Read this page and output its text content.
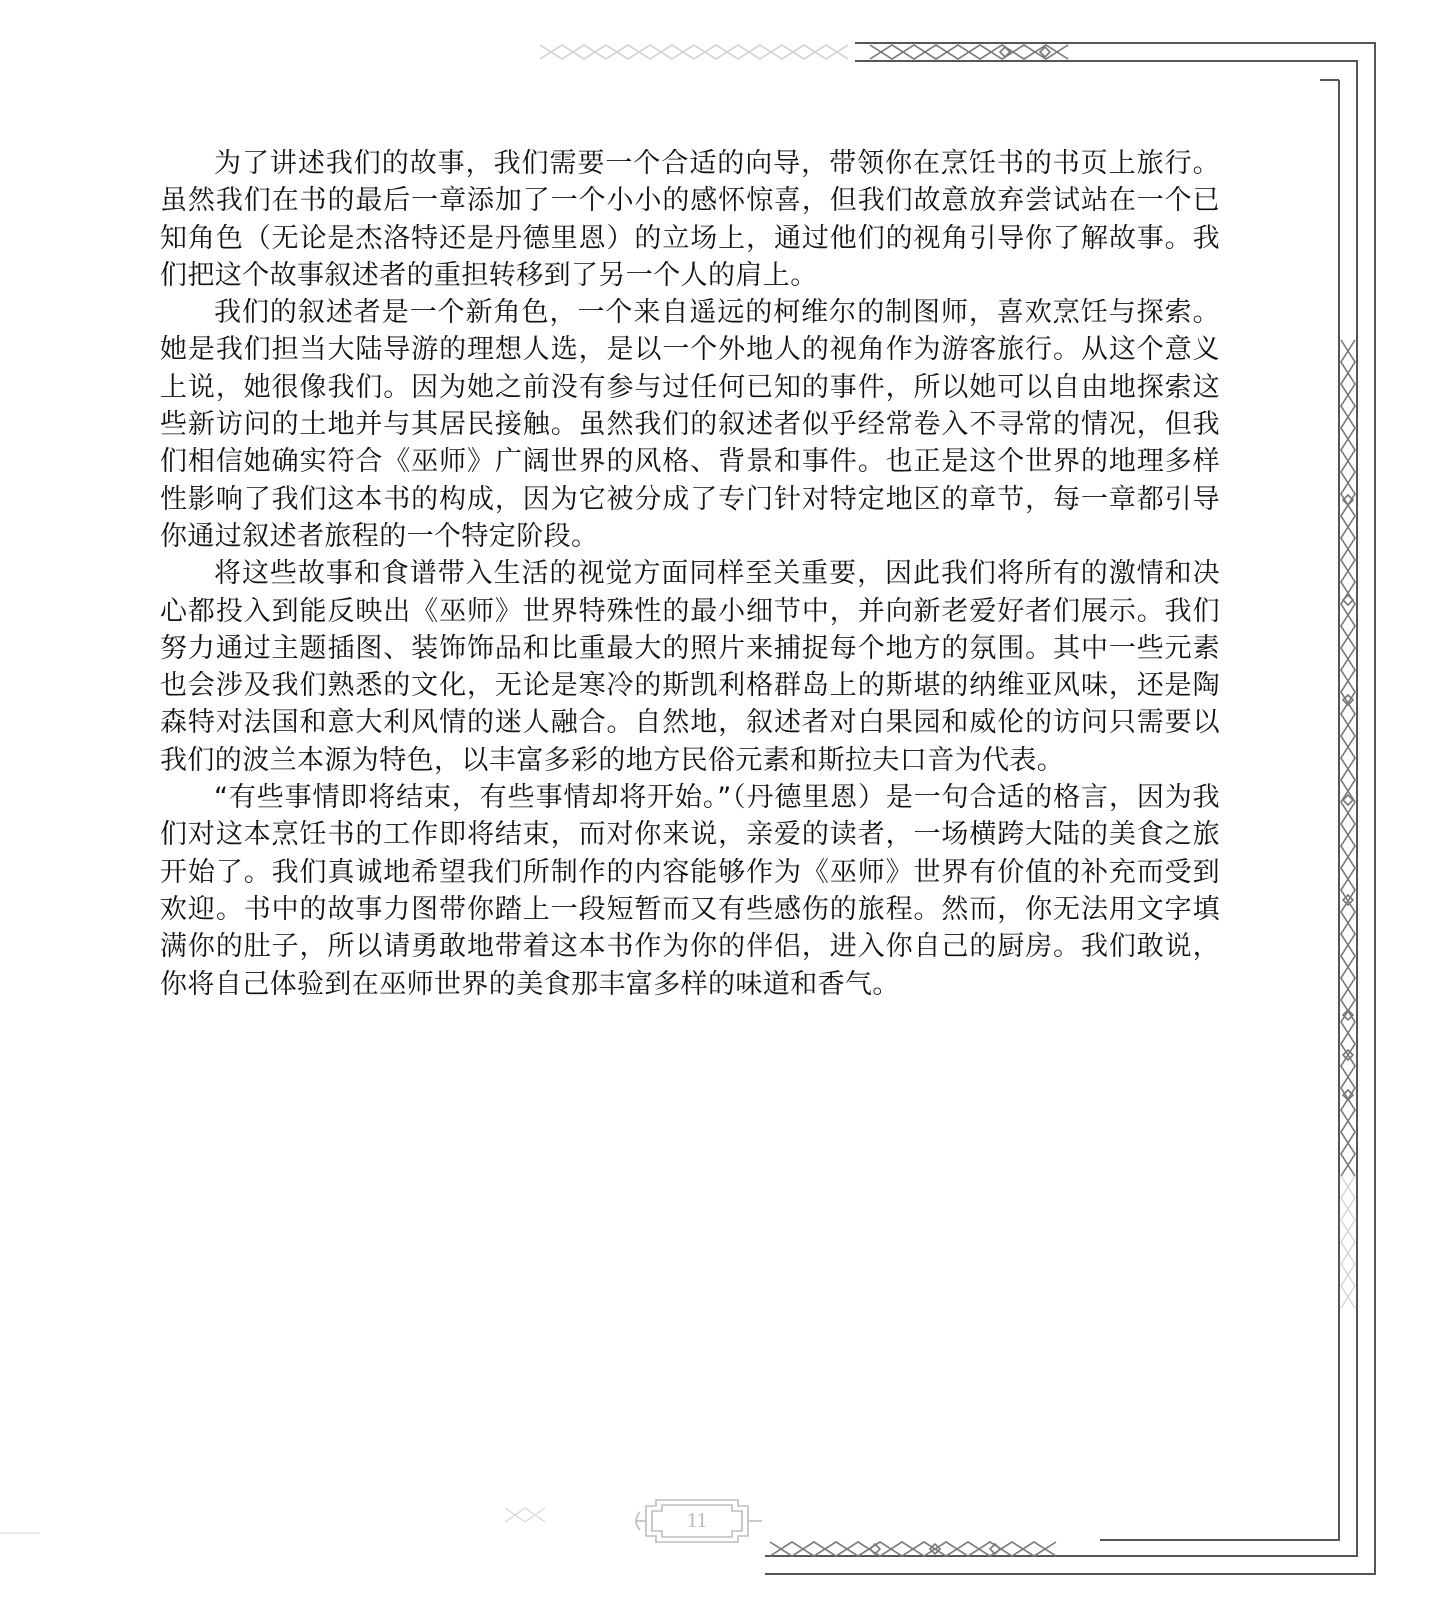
为了讲述我们的故事，我们需要一个合适的向导，带领你在烹饪书的书页上旅行。虽然我们在书的最后一章添加了一个小小的感怀惊喜，但我们故意放弃尝试站在一个已知角色（无论是杰洛特还是丹德里恩）的立场上，通过他们的视角引导你了解故事。我们把这个故事叙述者的重担转移到了另一个人的肩上。

我们的叙述者是一个新角色，一个来自遥远的柯维尔的制图师，喜欢烹饪与探索。她是我们担当大陆导游的理想人选，是以一个外地人的视角作为游客旅行。从这个意义上说，她很像我们。因为她之前没有参与过任何已知的事件，所以她可以自由地探索这些新访问的土地并与其居民接触。虽然我们的叙述者似乎经常卷入不寻常的情况，但我们相信她确实符合《巫师》广阔世界的风格、背景和事件。也正是这个世界的地理多样性影响了我们这本书的构成，因为它被分成了专门针对特定地区的章节，每一章都引导你通过叙述者旅程的一个特定阶段。

将这些故事和食谱带入生活的视觉方面同样至关重要，因此我们将所有的激情和决心都投入到能反映出《巫师》世界特殊性的最小细节中，并向新老爱好者们展示。我们努力通过主题插图、装饰饰品和比重最大的照片来捕捉每个地方的氛围。其中一些元素也会涉及我们熟悉的文化，无论是寒冷的斯凯利格群岛上的斯堪的纳维亚风味，还是陶森特对法国和意大利风情的迷人融合。自然地，叙述者对白果园和威伦的访问只需要以我们的波兰本源为特色，以丰富多彩的地方民俗元素和斯拉夫口音为代表。

“有些事情即将结束，有些事情却将开始。”（丹德里恩）是一句合适的格言，因为我们对这本烹饪书的工作即将结束，而对你来说，亲爱的读者，一场横跨大陆的美食之旅开始了。我们真诚地希望我们所制作的内容能够作为《巫师》世界有价值的补充而受到欢迎。书中的故事力图带你踏上一段短暂而又有些感伤的旅程。然而，你无法用文字填满你的肚子，所以请勇敢地带着这本书作为你的伴侣，进入你自己的厨房。我们敢说，你将自己体验到在巫师世界的美食那丰富多样的味道和香气。

11
